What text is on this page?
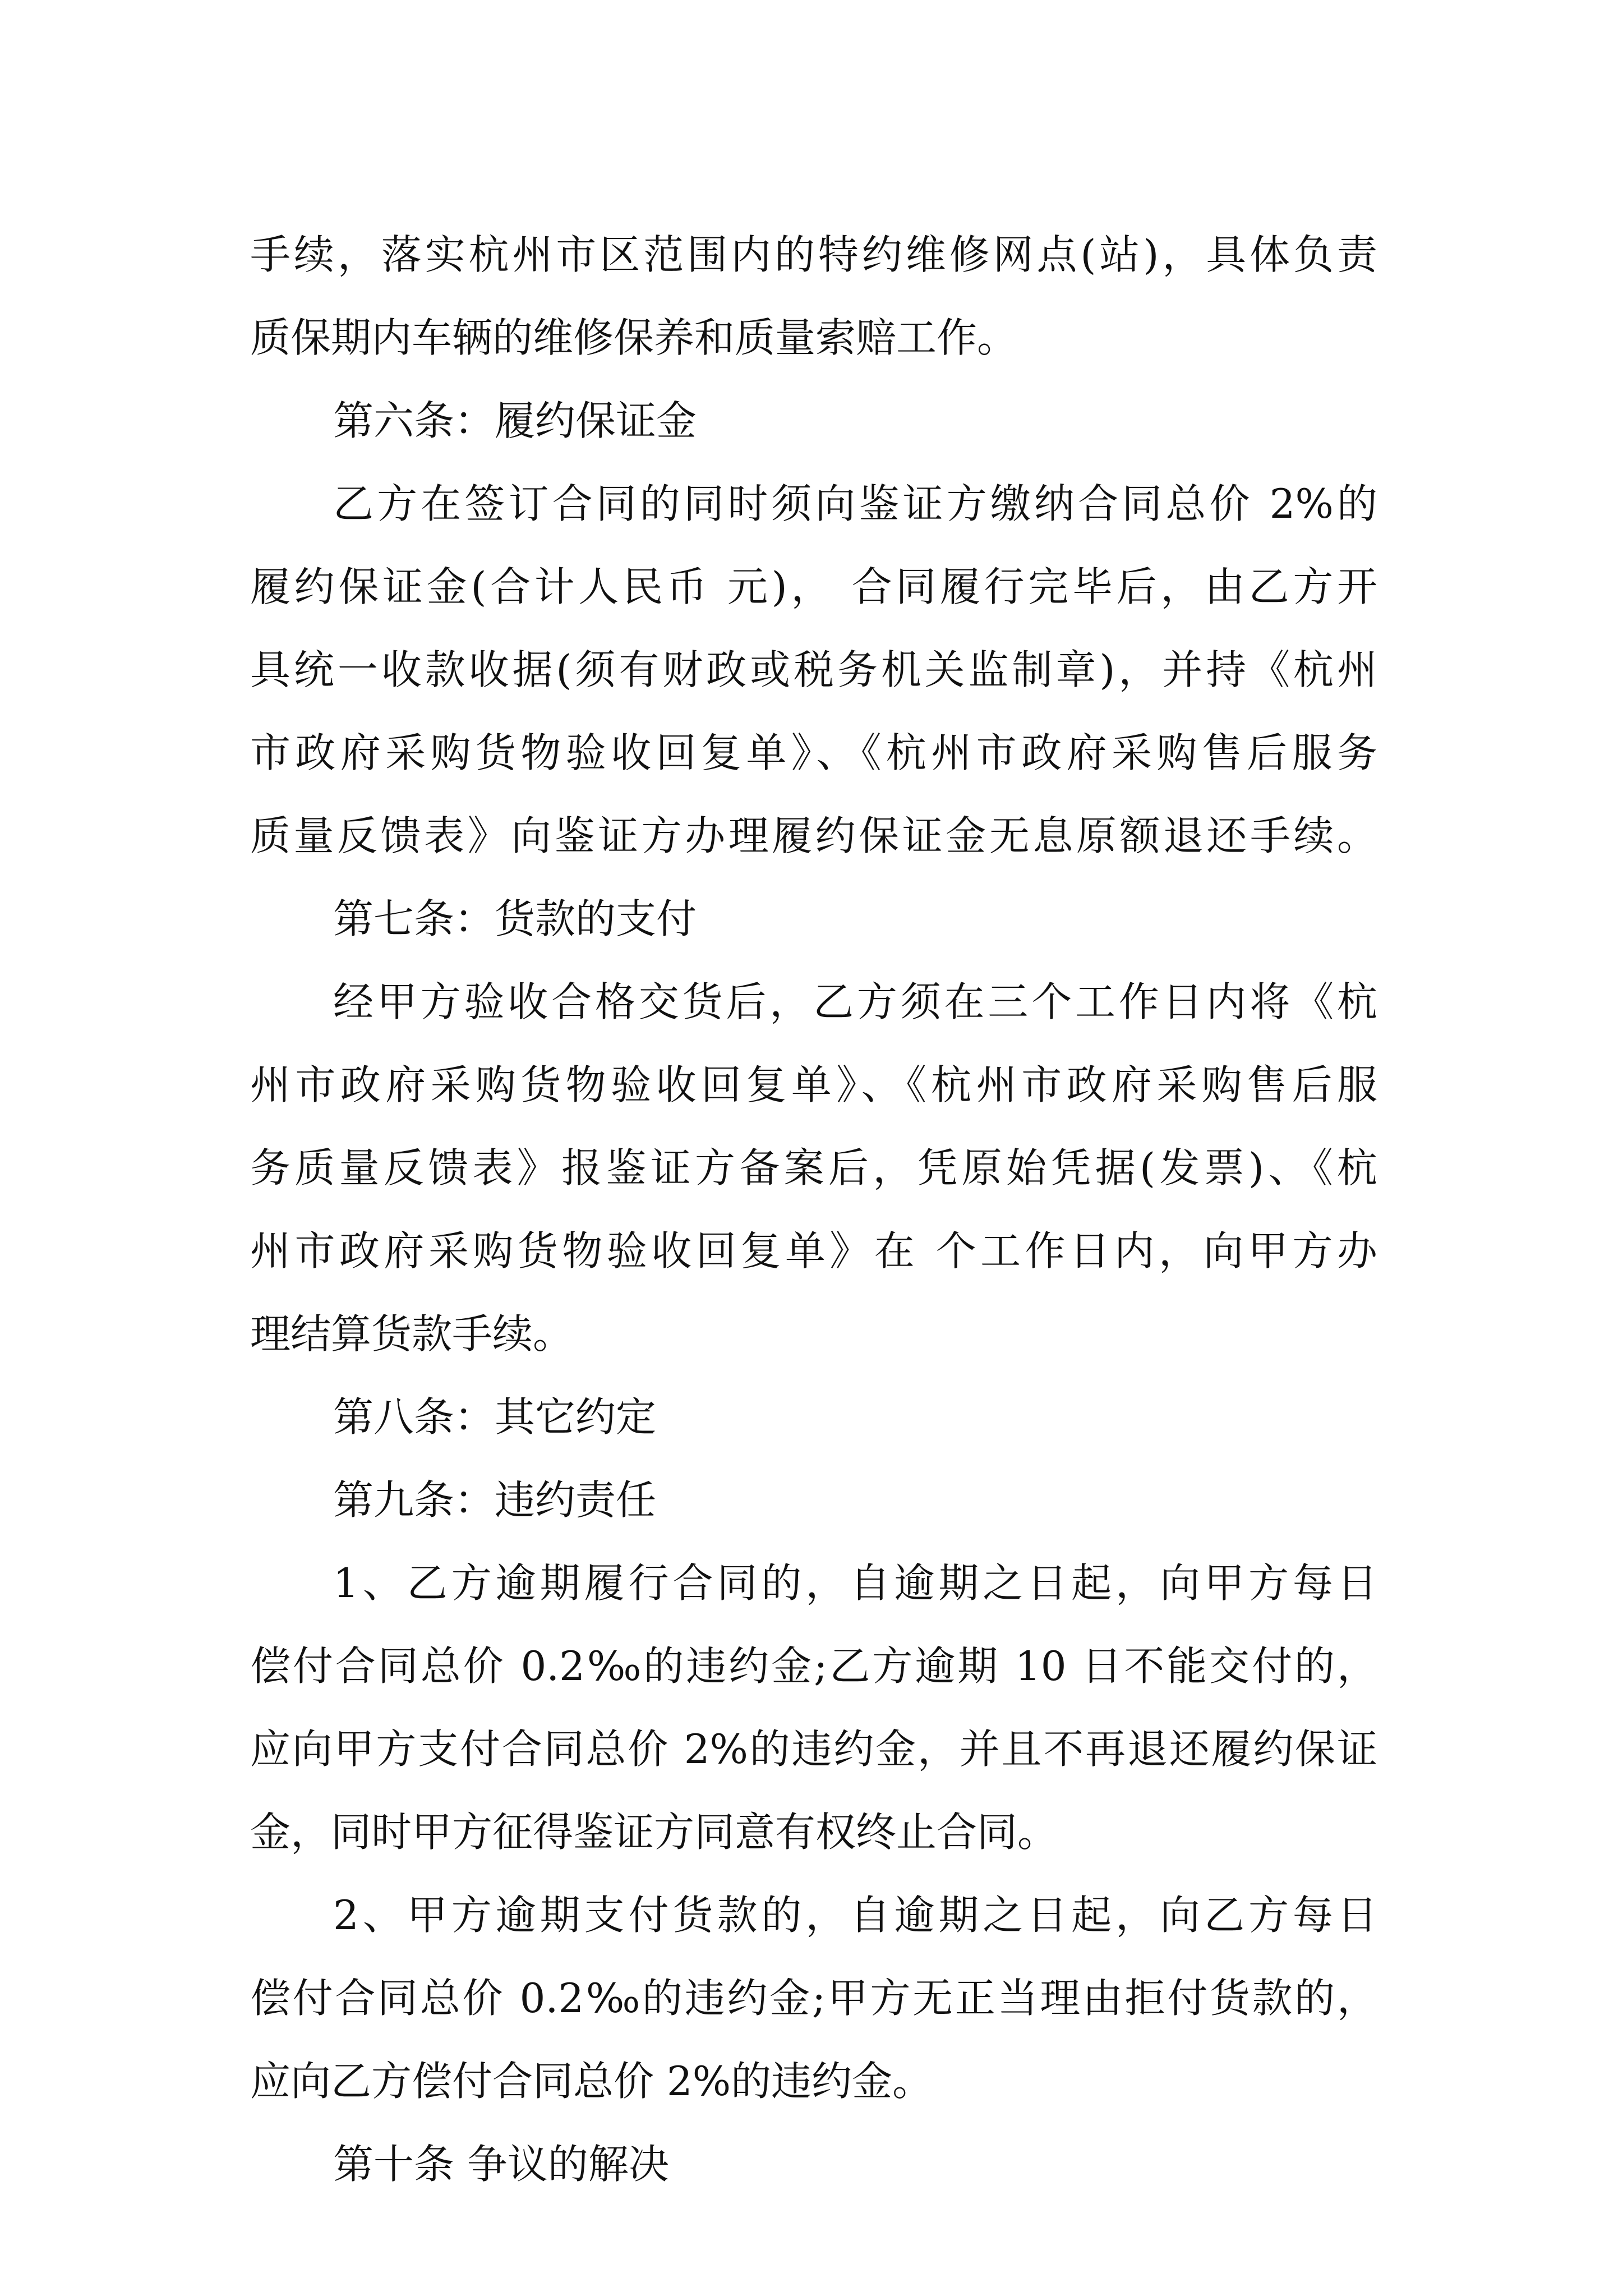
手续，落实杭州市区范围内的特约维修网点(站)，具体负责
质保期内车辆的维修保养和质量索赔工作。
第六条：履约保证金
乙方在签订合同的同时须向鉴证方缴纳合同总价 2%的
履约保证金(合计人民币 元)， 合同履行完毕后，由乙方开
具统一收款收据(须有财政或税务机关监制章)，并持《杭州
市政府采购货物验收回复单》、《杭州市政府采购售后服务
质量反馈表》向鉴证方办理履约保证金无息原额退还手续。
第七条：货款的支付
经甲方验收合格交货后，乙方须在三个工作日内将《杭
州市政府采购货物验收回复单》、《杭州市政府采购售后服
务质量反馈表》报鉴证方备案后，凭原始凭据(发票)、《杭
州市政府采购货物验收回复单》在 个工作日内，向甲方办
理结算货款手续。
第八条：其它约定
第九条：违约责任
1、乙方逾期履行合同的，自逾期之日起，向甲方每日
偿付合同总价 0.2‰的违约金;乙方逾期 10 日不能交付的，
应向甲方支付合同总价 2%的违约金，并且不再退还履约保证
金，同时甲方征得鉴证方同意有权终止合同。
2、甲方逾期支付货款的，自逾期之日起，向乙方每日
偿付合同总价 0.2‰的违约金;甲方无正当理由拒付货款的，
应向乙方偿付合同总价 2%的违约金。
第十条 争议的解决
